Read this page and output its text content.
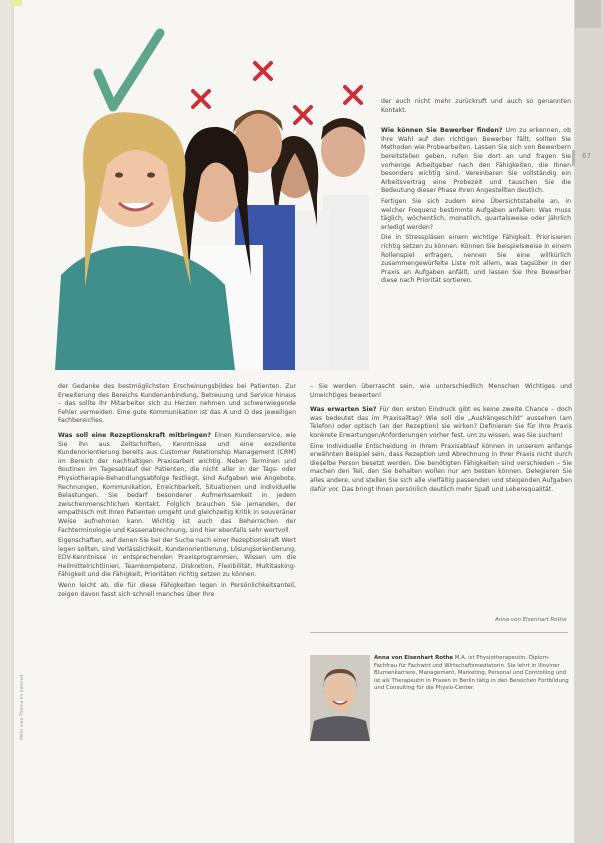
67

der auch nicht mehr zurückruft und auch so genannten Kontakt.

Wie können Sie Bewerber finden? Um zu erkennen, ob Ihre Wahl auf den richtigen Bewerber fällt, sollten Sie Methoden wie Probearbeiten. Lassen Sie sich von Bewerbern bereitstellen geben, rufen Sie dort an und fragen Sie vorherige Arbeitgeber nach den Fähigkeiten, die Ihnen besonders wichtig sind. Vereinbaren Sie vollständig ein Arbeitsvertrag eine Probezeit und tauschen Sie die Bedeutung dieser Phase Ihren Angestellten deutlich.

Fertigen Sie sich zudem eine Übersichtstabelle an, in welcher Frequenz bestimmte Aufgaben anfallen: Was muss täglich, wöchentlich, monatlich, quartalsweise oder jährlich erledigt werden?

Die in Stresspläsen einem wichtige Fähigkeit. Priorisieren richtig setzen zu können. Können Sie beispielsweise in einem Rollenspiel erfragen, nennen Sie eine willkürlich zusammengewürfelte Liste mit allem, was tagsüber in der Praxis an Aufgaben anfällt, und lassen Sie Ihre Bewerber diese nach Priorität sortieren.

der Gedanke des bestmöglichsten Erscheinungsbildes bei Patienten. Zur Erweiterung des Bereichs Kundenanbindung, Betreuung und Service hinaus – das sollte Ihr Mitarbeiter sich zu Herzen nehmen und schwerwiegende Fehler vermeiden. Eine gute Kommunikation ist das A und O des jeweiligen Fachbereiches.

Was soll eine Rezeptionskraft mitbringen? Einen Kundenservice, wie Sie ihn aus Zeitschriften, Kenntnisse und eine exzellente Kundenorientierung bereits aus Customer Relationship Management (CRM) im Bereich der nachhaltigen Praxisarbeit wichtig. Neben Terminen und Routinen im Tagesablauf der Patienten, die nicht aller in der Tags- oder Physiotherapie-Behandlungsabfolge festliegt, sind Aufgaben wie Angebote, Rechnungen, Kommunikation, Erreichbarkeit, Situationen und individuelle Belastungen. Sie bedarf besonderer Aufmerksamkeit in jedem zwischenmenschlichen Kontakt. Folglich brauchen Sie jemanden, der empathisch mit Ihren Patienten umgeht und gleichzeitig Kritik in souveräner Weise aufnehmen kann. Wichtig ist auch das Beherrschen der Fachterminologie und Kassenabrechnung, sind hier ebenfalls sehr wertvoll.

Eigenschaften, auf denen Sie bei der Suche nach einer Rezeptionskraft Wert legen sollten, sind Verlässlichkeit, Kundenorientierung, Lösungsorientierung, EDV-Kenntnisse in entsprechenden Praxisprogrammen, Wissen um die Heilmittelrichtlinien, Teamkompetenz, Diskretion, Flexibilität, Multitasking-Fähigkeit und die Fähigkeit, Prioritäten richtig setzen zu können.

Wenn leicht ab, die für diese Fähigkeiten legen in Persönlichkeitsanteil, zeigen davon fasst sich schnell manches über Ihre

– Sie werden überrascht sein, wie unterschiedlich Menschen Wichtiges und Unwichtiges bewerten!

Was erwarten Sie? Für den ersten Eindruck gibt es keine zweite Chance – doch was bedeutet das im Praxisalltag? Wie soll die „Aushängeschild“ aussehen (am Telefon) oder optisch (an der Rezeption) sie wirken? Definieren Sie für Ihre Praxis konkrete Erwartungen/Anforderungen vorher fest, um zu wissen, was Sie suchen!

Eine Individuelle Entscheidung in Ihrem Praxisablauf können in unserem anfangs erwähnten Beispiel sein, dass Rezeption und Abrechnung in Ihrer Praxis nicht durch dieselbe Person besetzt werden. Die benötigten Fähigkeiten sind verschieden – Sie machen den Teil, den Sie behalten wollen nur am besten können. Delegieren Sie alles andere, und stellen Sie sich alle vielfältig passenden und steigenden Aufgaben dafür vor. Das bringt Ihnen persönlich deutlich mehr Spaß und Lebensqualität.

Anna von Eisenhart Rothe
Anna von Eisenhart Rothe M.A. ist Physiotherapeutin, Diplom-Fachfrau für Fachwirt und Wirtschaftsmediatorin. Sie lehrt in Illoviner Blumenkarriere, Management, Marketing, Personal und Controlling und ist als Therapeutin in Praxen in Berlin tätig in den Bereichen Fortbildung und Consulting für die Physio-Center.
Mehr zum Thema im Internet
